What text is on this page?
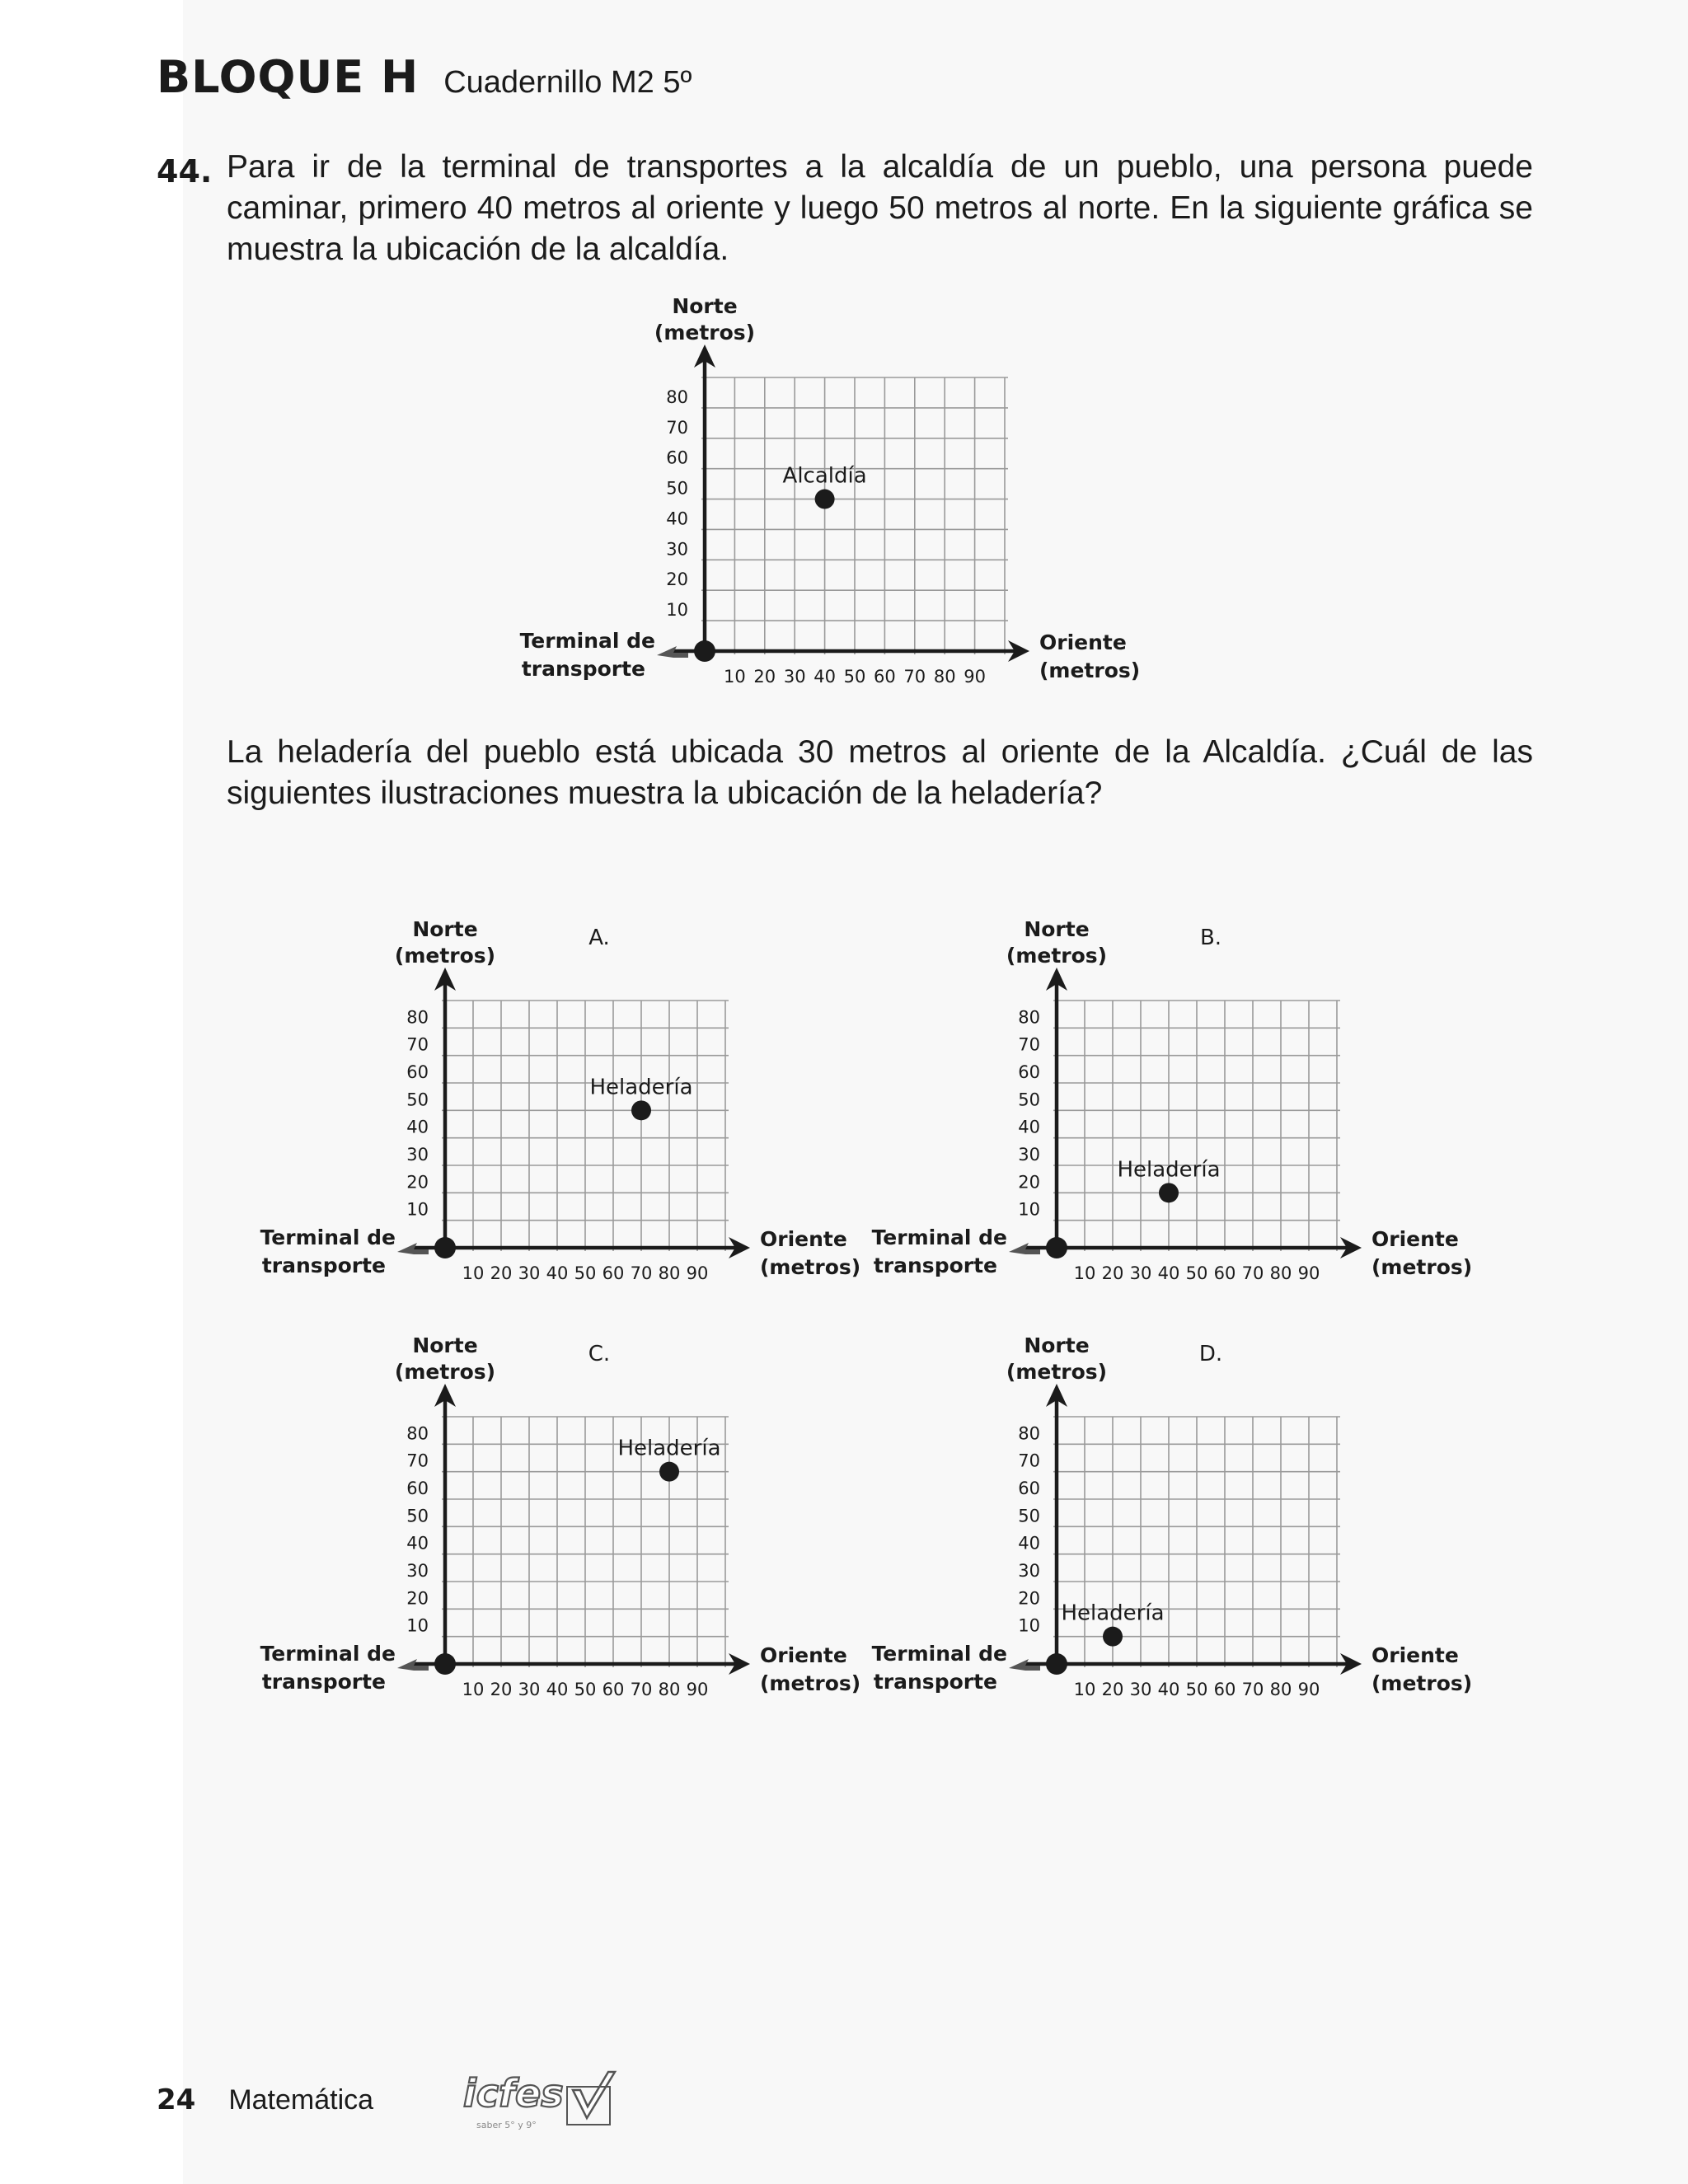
BLOQUE H Cuadernillo M2 5º
44. Para ir de la terminal de transportes a la alcaldía de un pueblo, una persona puede caminar, primero 40 metros al oriente y luego 50 metros al norte. En la siguiente gráfica se muestra la ubicación de la alcaldía.
10 20 30 40 50 60 70 80 90
10
20
30
40
50
60
70
80
Norte
(metros)
Oriente
(metros)
Terminal de
transporte
Alcaldía
La heladería del pueblo está ubicada 30 metros al oriente de la Alcaldía. ¿Cuál de las siguientes ilustraciones muestra la ubicación de la heladería?
10 20 30 40 50 60 70 80 90
10
20
30
40
50
60
70
80
Norte
(metros)
Oriente
(metros)
Terminal de
transporte
A.
Heladería
10 20 30 40 50 60 70 80 90
10
20
30
40
50
60
70
80
Norte
(metros)
Oriente
(metros)
Terminal de
transporte
B.
Heladería
10 20 30 40 50 60 70 80 90
10
20
30
40
50
60
70
80
Norte
(metros)
Oriente
(metros)
Terminal de
transporte
C.
Heladería
10 20 30 40 50 60 70 80 90
10
20
30
40
50
60
70
80
Norte
(metros)
Oriente
(metros)
Terminal de
transporte
D.
Heladería
24 Matemática icfes
saber 5° y 9°
